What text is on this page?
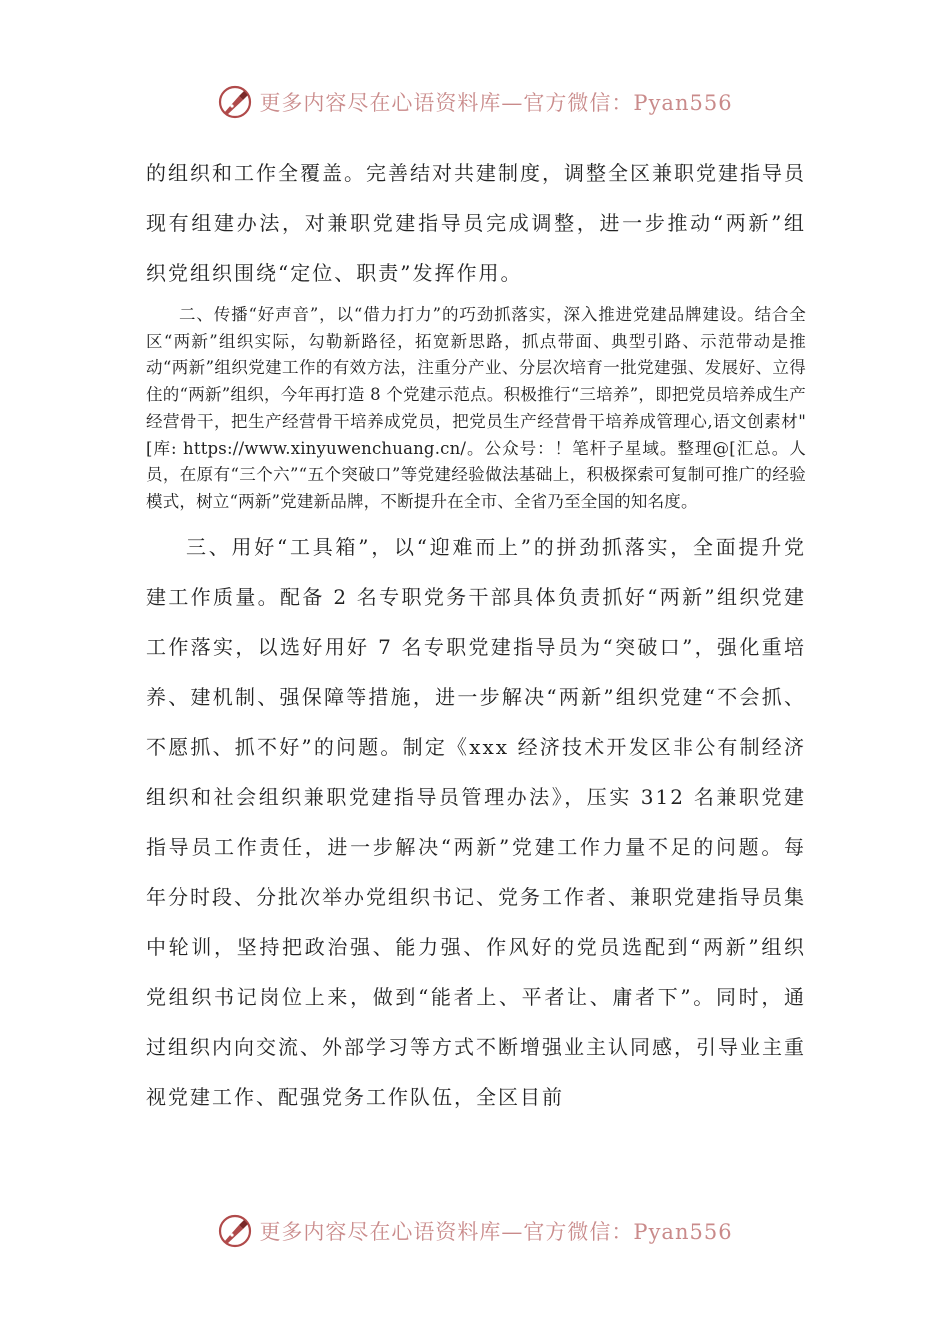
更多内容尽在心语资料库—官方微信：Pyan556

的组织和工作全覆盖。完善结对共建制度，调整全区兼职党建指导员现有组建办法，对兼职党建指导员完成调整，进一步推动“两新”组织党组织围绕“定位、职责”发挥作用。

二、传播“好声音”，以“借力打力”的巧劲抓落实，深入推进党建品牌建设。结合全区“两新”组织实际，勾勒新路径，拓宽新思路，抓点带面、典型引路、示范带动是推动“两新”组织党建工作的有效方法，注重分产业、分层次培育一批党建强、发展好、立得住的“两新”组织，今年再打造 8 个党建示范点。积极推行“三培养”，即把党员培养成生产经营骨干，把生产经营骨干培养成党员，把党员生产经营骨干培养成管理心,语文创素材"[库: https://www.xinyuwenchuang.cn/。公众号：！笔杆子星域。整理@[汇总。人员，在原有“三个六”“五个突破口”等党建经验做法基础上，积极探索可复制可推广的经验模式，树立“两新”党建新品牌，不断提升在全市、全省乃至全国的知名度。

三、用好“工具箱”，以“迎难而上”的拼劲抓落实，全面提升党建工作质量。配备 2 名专职党务干部具体负责抓好“两新”组织党建工作落实，以选好用好 7 名专职党建指导员为“突破口”，强化重培养、建机制、强保障等措施，进一步解决“两新”组织党建“不会抓、不愿抓、抓不好”的问题。制定《xxx 经济技术开发区非公有制经济组织和社会组织兼职党建指导员管理办法》，压实 312 名兼职党建指导员工作责任，进一步解决“两新”党建工作力量不足的问题。每年分时段、分批次举办党组织书记、党务工作者、兼职党建指导员集中轮训，坚持把政治强、能力强、作风好的党员选配到“两新”组织党组织书记岗位上来，做到“能者上、平者让、庸者下”。同时，通过组织内向交流、外部学习等方式不断增强业主认同感，引导业主重视党建工作、配强党务工作队伍，全区目前

更多内容尽在心语资料库—官方微信：Pyan556
